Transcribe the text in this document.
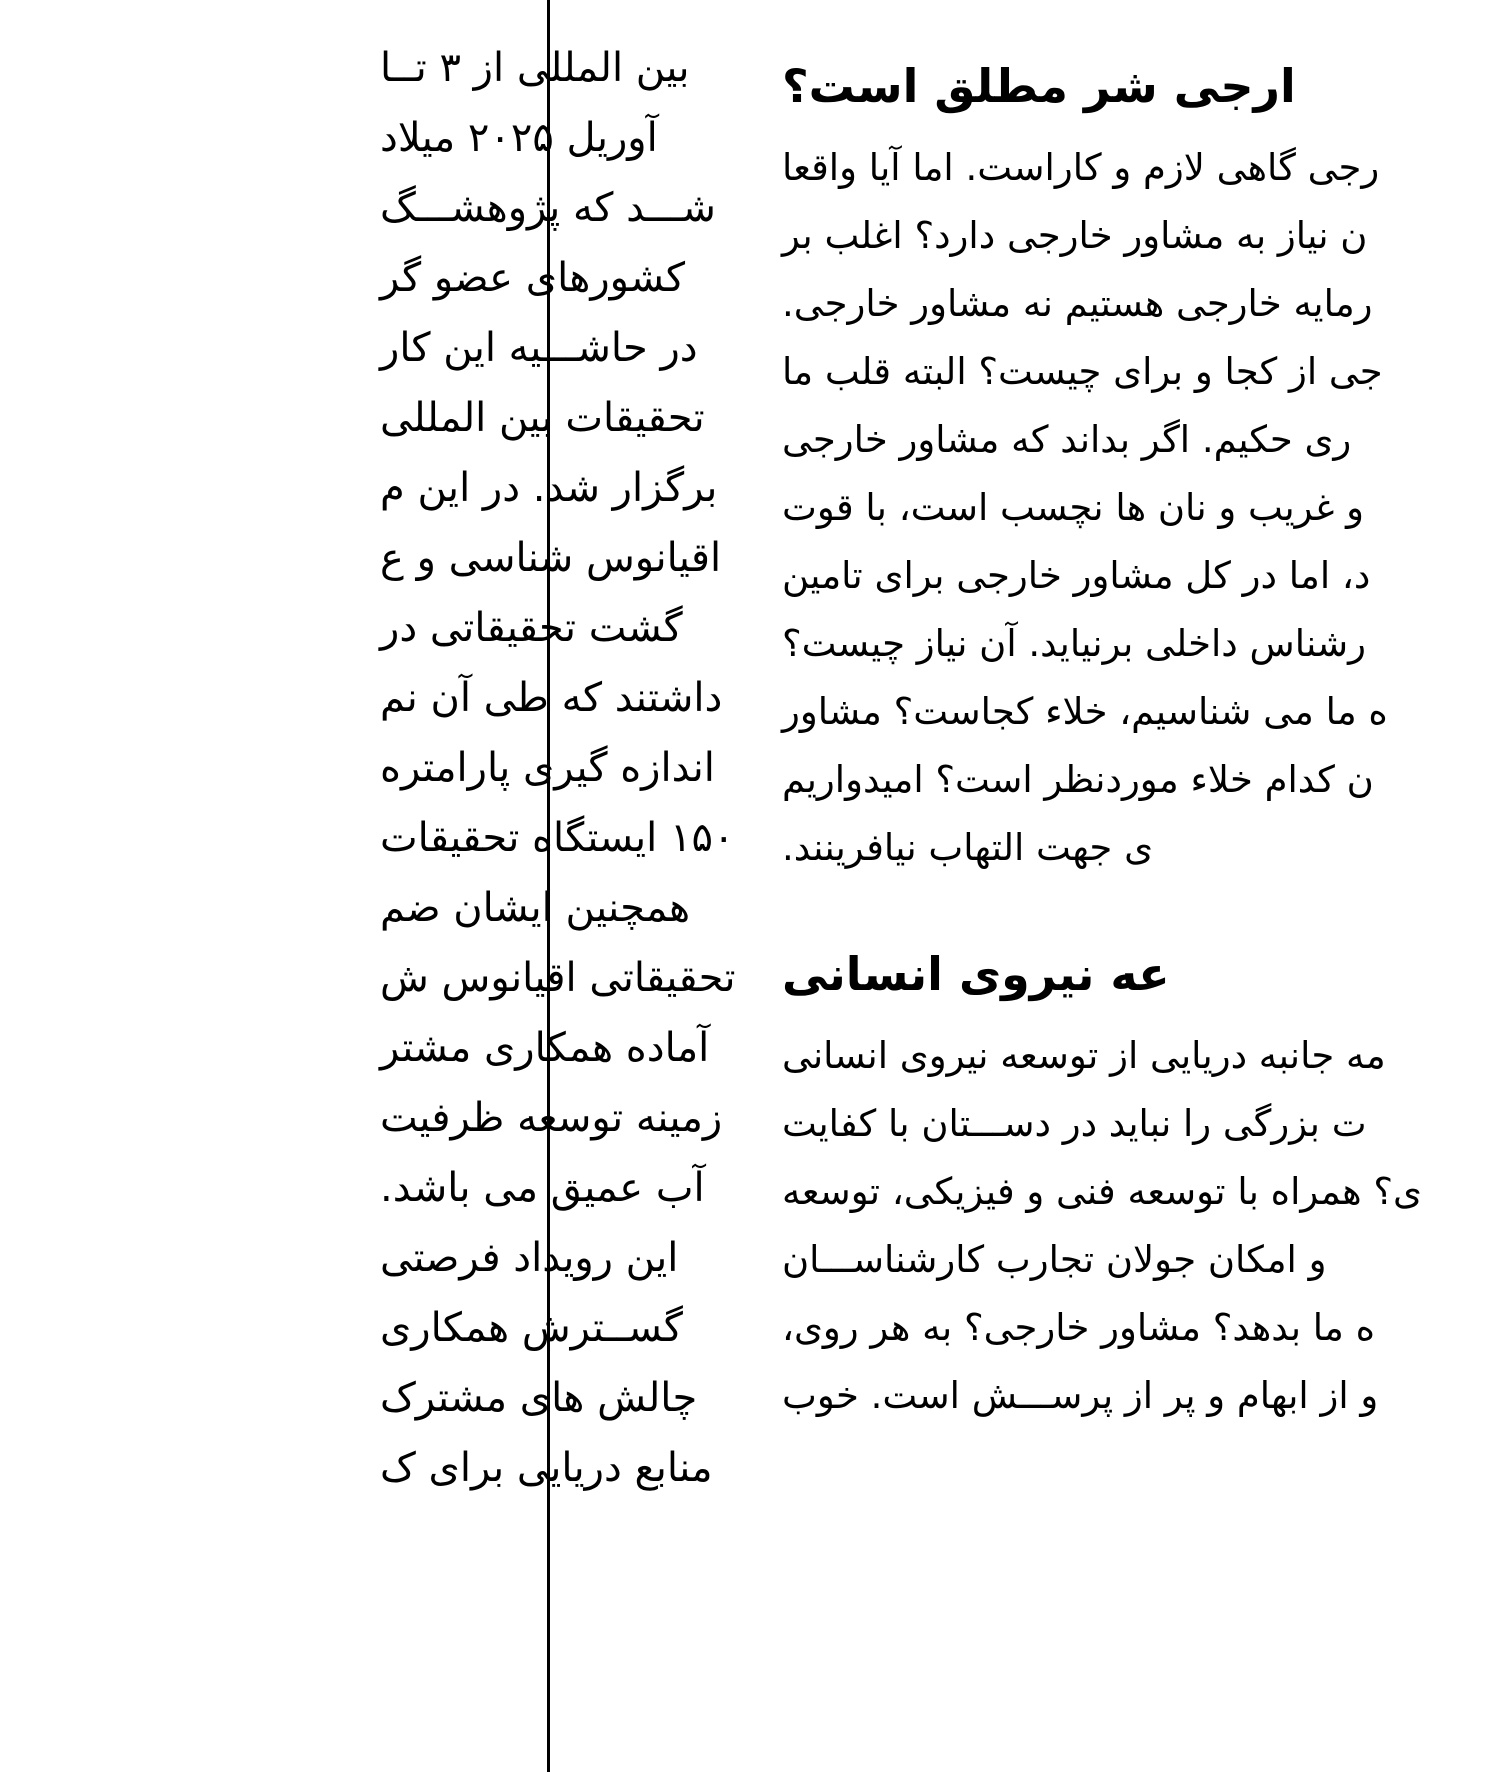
بین المللی از ۳ تــا
آوریل ۲۰۲۵ میلاد
شـــد که پژوهشـــگ
کشورهای عضو گر
در حاشـــیه این کار
تحقیقات بین المللی
برگزار شد. در این م
اقیانوس شناسی و ع
گشت تحقیقاتی در
داشتند که طی آن نم
اندازه گیری پارامتره
۱۵۰ ایستگاه تحقیقات
همچنین ایشان ضم
تحقیقاتی اقیانوس ش
آماده همکاری مشتر
زمینه توسعه ظرفیت
آب عمیق می باشد.
این رویداد فرصتی
گســترش همکاری
چالش های مشترک
منابع دریایی برای ک
ارجی شر مطلق است؟
رجی گاهی لازم و کاراست. اما آیا واقعا
ن نیاز به مشاور خارجی دارد؟ اغلب بر
رمایه خارجی هستیم نه مشاور خارجی.
جی از کجا و برای چیست؟ البته قلب ما
ری حکیم. اگر بداند که مشاور خارجی
و غریب و نان ها نچسب است، با قوت
د، اما در کل مشاور خارجی برای تامین
رشناس داخلی برنیاید. آن نیاز چیست؟
ه ما می شناسیم، خلاء کجاست؟ مشاور
ن کدام خلاء موردنظر است؟ امیدواریم
ی جهت التهاب نیافرینند.
عه نیروی انسانی
مه جانبه دریایی از توسعه نیروی انسانی
ت بزرگی را نباید در دســـتان با کفایت
ی؟ همراه با توسعه فنی و فیزیکی، توسعه
و امکان جولان تجارب کارشناســـان
ه ما بدهد؟ مشاور خارجی؟ به هر روی،
و از ابهام و پر از پرســـش است. خوب
